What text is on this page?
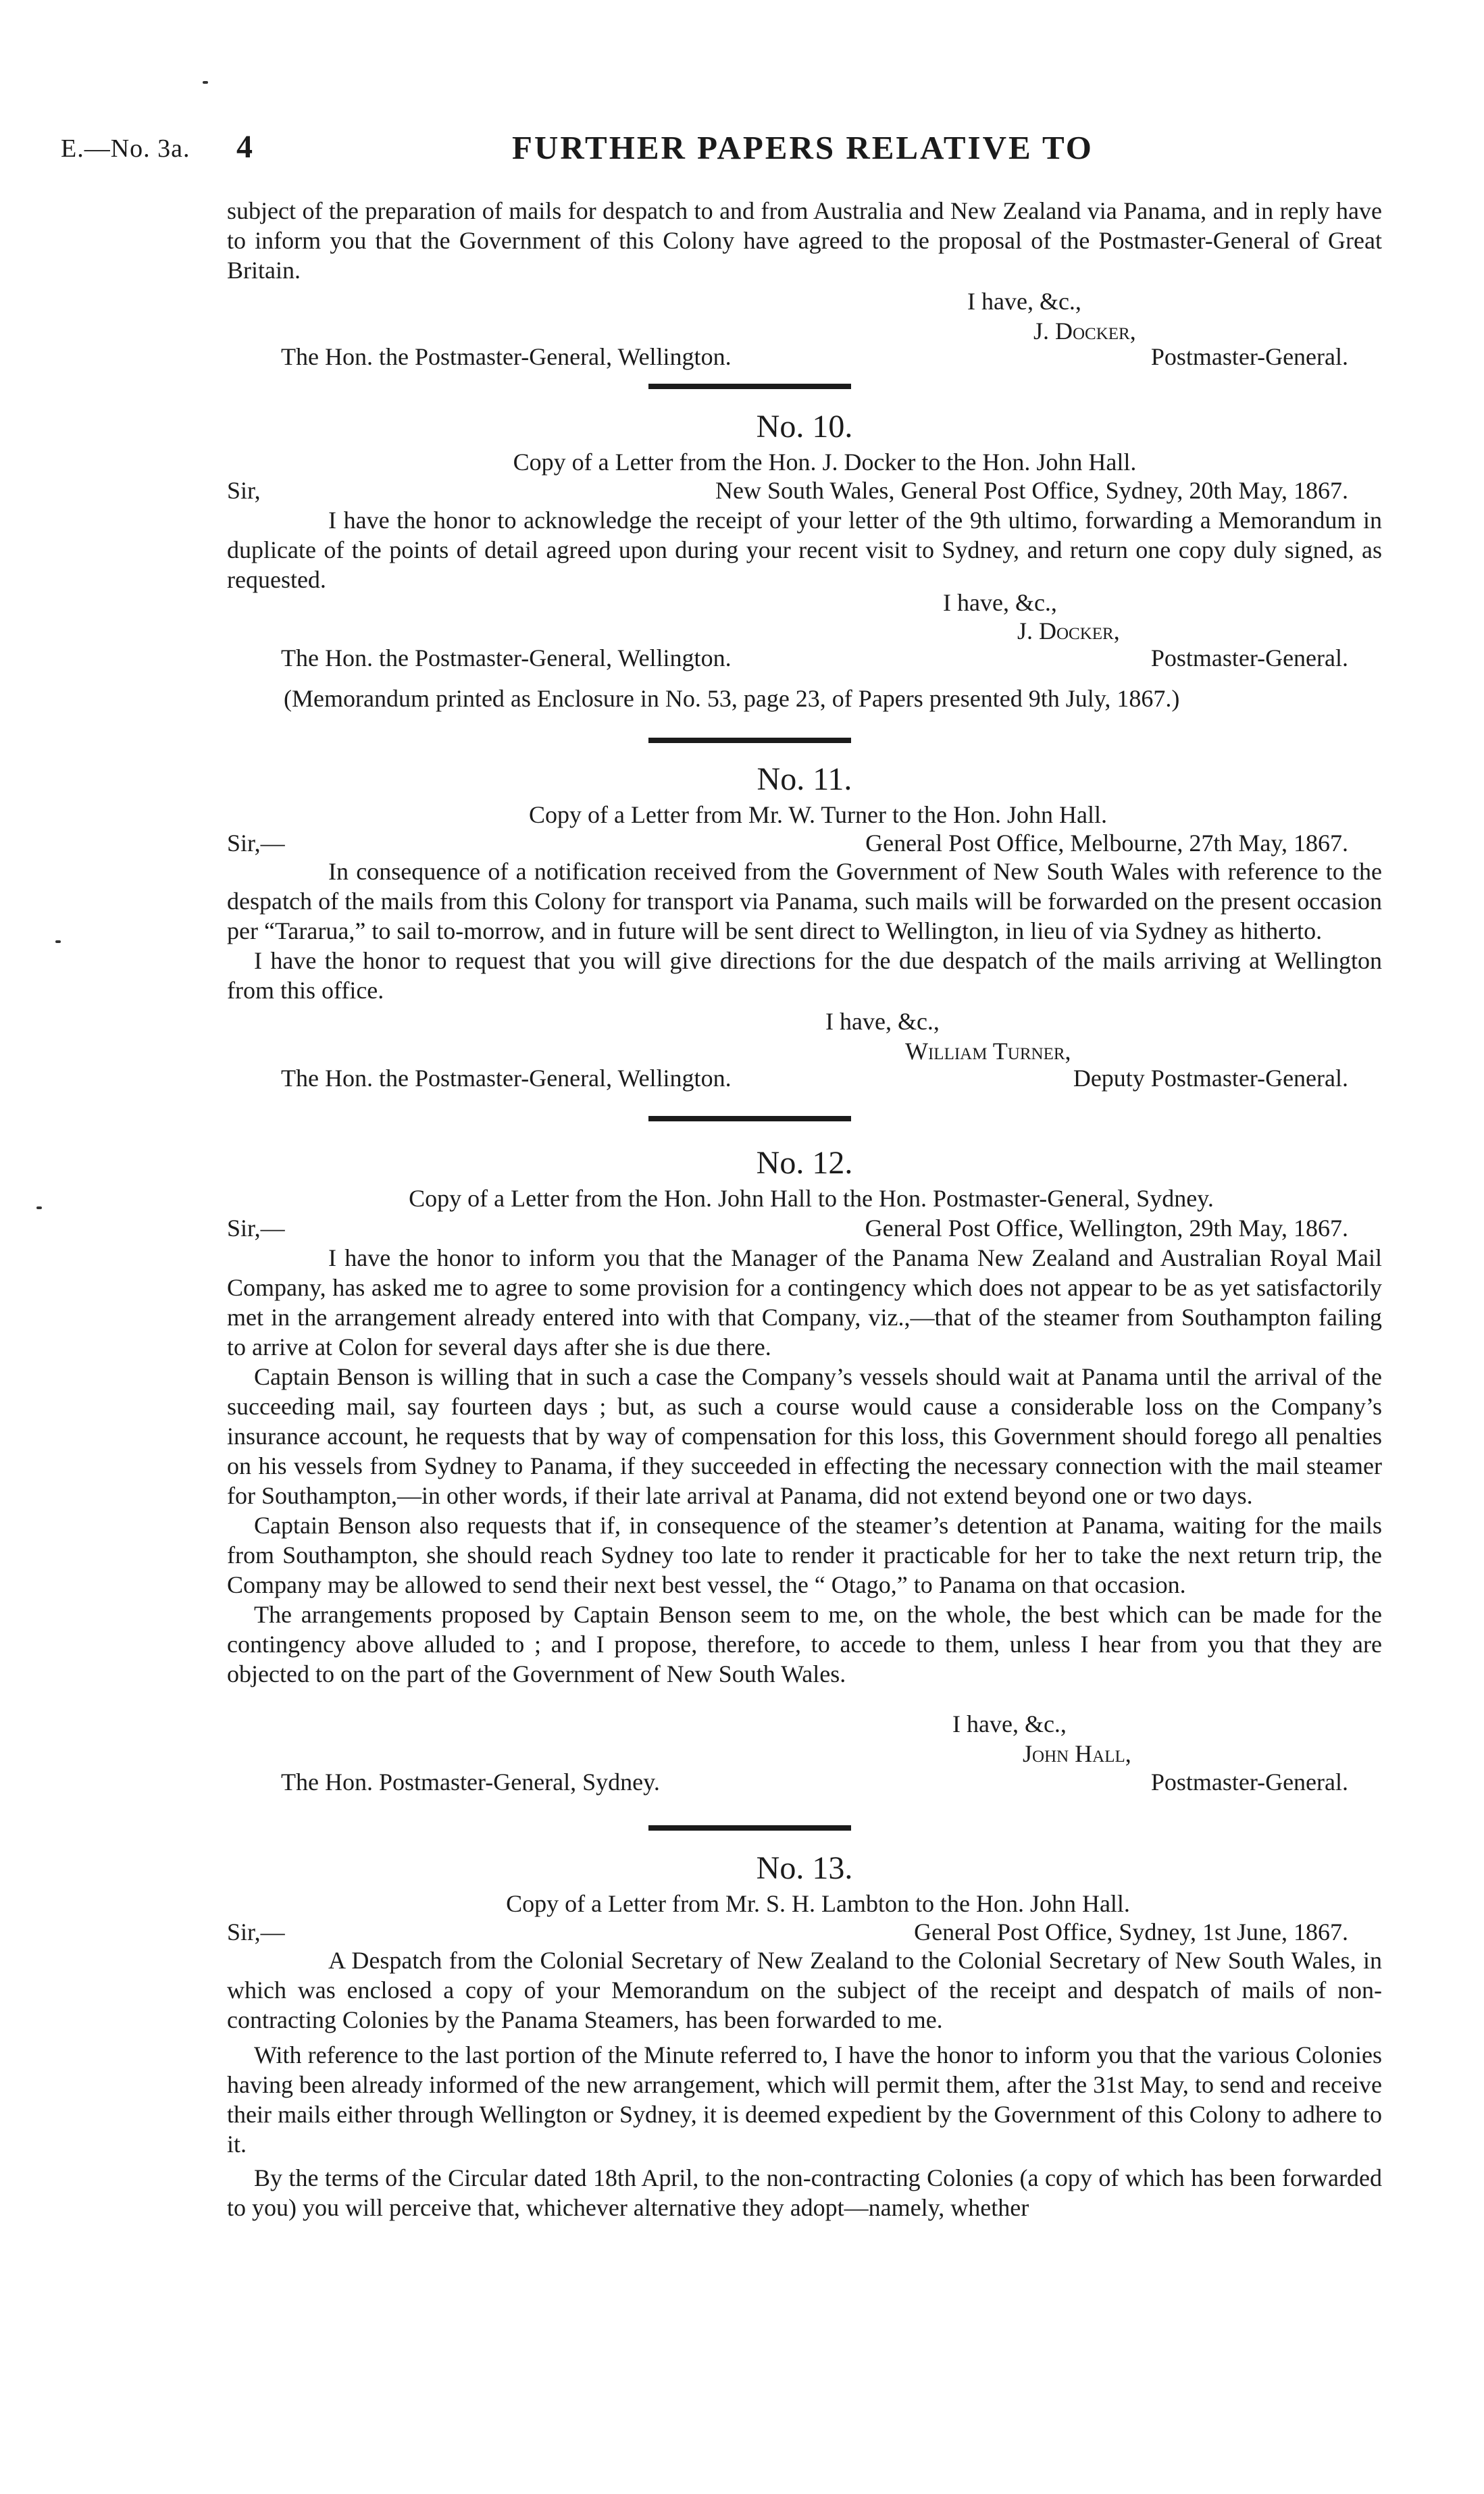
E.—No. 3a. 4	FURTHER PAPERS RELATIVE TO

subject of the preparation of mails for despatch to and from Australia and New Zealand via Panama, and in reply have to inform you that the Government of this Colony have agreed to the proposal of the Postmaster-General of Great Britain.

I have, &c.,
J. Docker,
The Hon. the Postmaster-General, Wellington.	Postmaster-General.
No. 10.
Copy of a Letter from the Hon. J. Docker to the Hon. John Hall.
Sir,	New South Wales, General Post Office, Sydney, 20th May, 1867.

I have the honor to acknowledge the receipt of your letter of the 9th ultimo, forwarding a Memorandum in duplicate of the points of detail agreed upon during your recent visit to Sydney, and return one copy duly signed, as requested.

I have, &c.,
J. Docker,
The Hon. the Postmaster-General, Wellington.	Postmaster-General.
(Memorandum printed as Enclosure in No. 53, page 23, of Papers presented 9th July, 1867.)
No. 11.
Copy of a Letter from Mr. W. Turner to the Hon. John Hall.
Sir,—	General Post Office, Melbourne, 27th May, 1867.

In consequence of a notification received from the Government of New South Wales with reference to the despatch of the mails from this Colony for transport via Panama, such mails will be forwarded on the present occasion per “Tararua,” to sail to-morrow, and in future will be sent direct to Wellington, in lieu of via Sydney as hitherto.

I have the honor to request that you will give directions for the due despatch of the mails arriving at Wellington from this office.

I have, &c.,
William Turner,
The Hon. the Postmaster-General, Wellington.	Deputy Postmaster-General.
No. 12.
Copy of a Letter from the Hon. John Hall to the Hon. Postmaster-General, Sydney.
Sir,—	General Post Office, Wellington, 29th May, 1867.

I have the honor to inform you that the Manager of the Panama New Zealand and Australian Royal Mail Company, has asked me to agree to some provision for a contingency which does not appear to be as yet satisfactorily met in the arrangement already entered into with that Company, viz.,—that of the steamer from Southampton failing to arrive at Colon for several days after she is due there.

Captain Benson is willing that in such a case the Company’s vessels should wait at Panama until the arrival of the succeeding mail, say fourteen days ; but, as such a course would cause a considerable loss on the Company’s insurance account, he requests that by way of compensation for this loss, this Government should forego all penalties on his vessels from Sydney to Panama, if they succeeded in effecting the necessary connection with the mail steamer for Southampton,—in other words, if their late arrival at Panama, did not extend beyond one or two days.

Captain Benson also requests that if, in consequence of the steamer’s detention at Panama, waiting for the mails from Southampton, she should reach Sydney too late to render it practicable for her to take the next return trip, the Company may be allowed to send their next best vessel, the “ Otago,” to Panama on that occasion.

The arrangements proposed by Captain Benson seem to me, on the whole, the best which can be made for the contingency above alluded to ; and I propose, therefore, to accede to them, unless I hear from you that they are objected to on the part of the Government of New South Wales.

I have, &c.,
John Hall,
The Hon. Postmaster-General, Sydney.	Postmaster-General.
No. 13.
Copy of a Letter from Mr. S. H. Lambton to the Hon. John Hall.
Sir,—	General Post Office, Sydney, 1st June, 1867.

A Despatch from the Colonial Secretary of New Zealand to the Colonial Secretary of New South Wales, in which was enclosed a copy of your Memorandum on the subject of the receipt and despatch of mails of non-contracting Colonies by the Panama Steamers, has been forwarded to me.

With reference to the last portion of the Minute referred to, I have the honor to inform you that the various Colonies having been already informed of the new arrangement, which will permit them, after the 31st May, to send and receive their mails either through Wellington or Sydney, it is deemed expedient by the Government of this Colony to adhere to it.

By the terms of the Circular dated 18th April, to the non-contracting Colonies (a copy of which has been forwarded to you) you will perceive that, whichever alternative they adopt—namely, whether
